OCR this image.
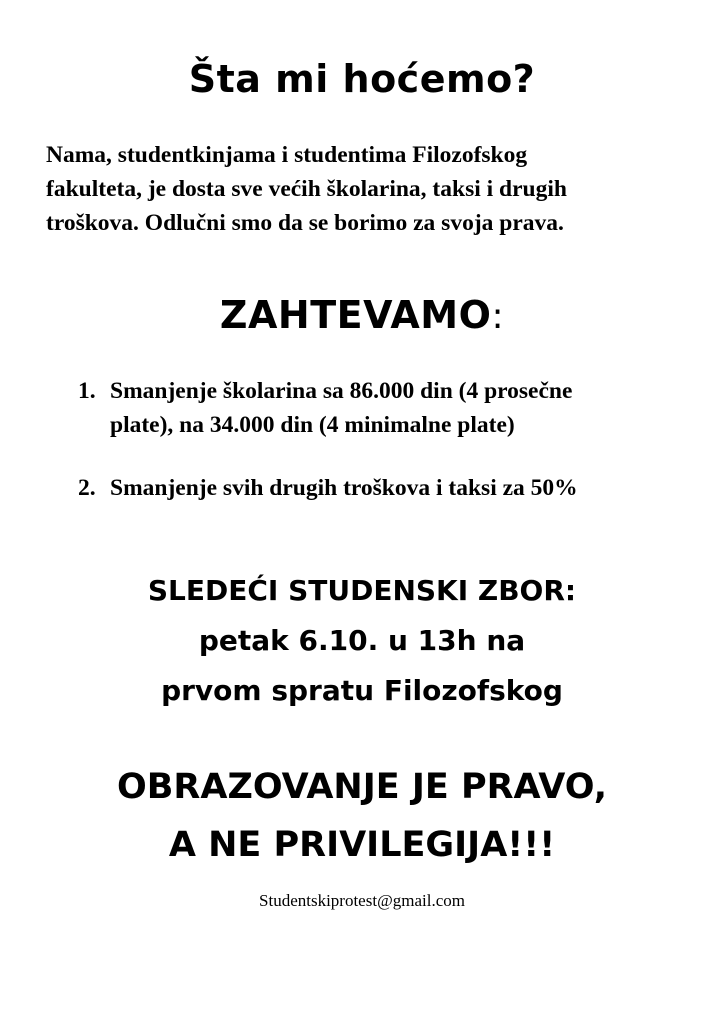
Šta mi hoćemo?
Nama, studentkinjama i studentima Filozofskog
fakulteta, je dosta sve većih školarina, taksi i drugih
troškova. Odlučni smo da se borimo za svoja prava.
ZAHTEVAMO:
1. Smanjenje školarina sa 86.000 din (4 prosečne
plate), na 34.000 din (4 minimalne plate)
2. Smanjenje svih drugih troškova i taksi za 50%
SLEDEĆI STUDENSKI ZBOR:
petak 6.10. u 13h na
prvom spratu Filozofskog
OBRAZOVANJE JE PRAVO,
A NE PRIVILEGIJA!!!
Studentskiprotest@gmail.com
